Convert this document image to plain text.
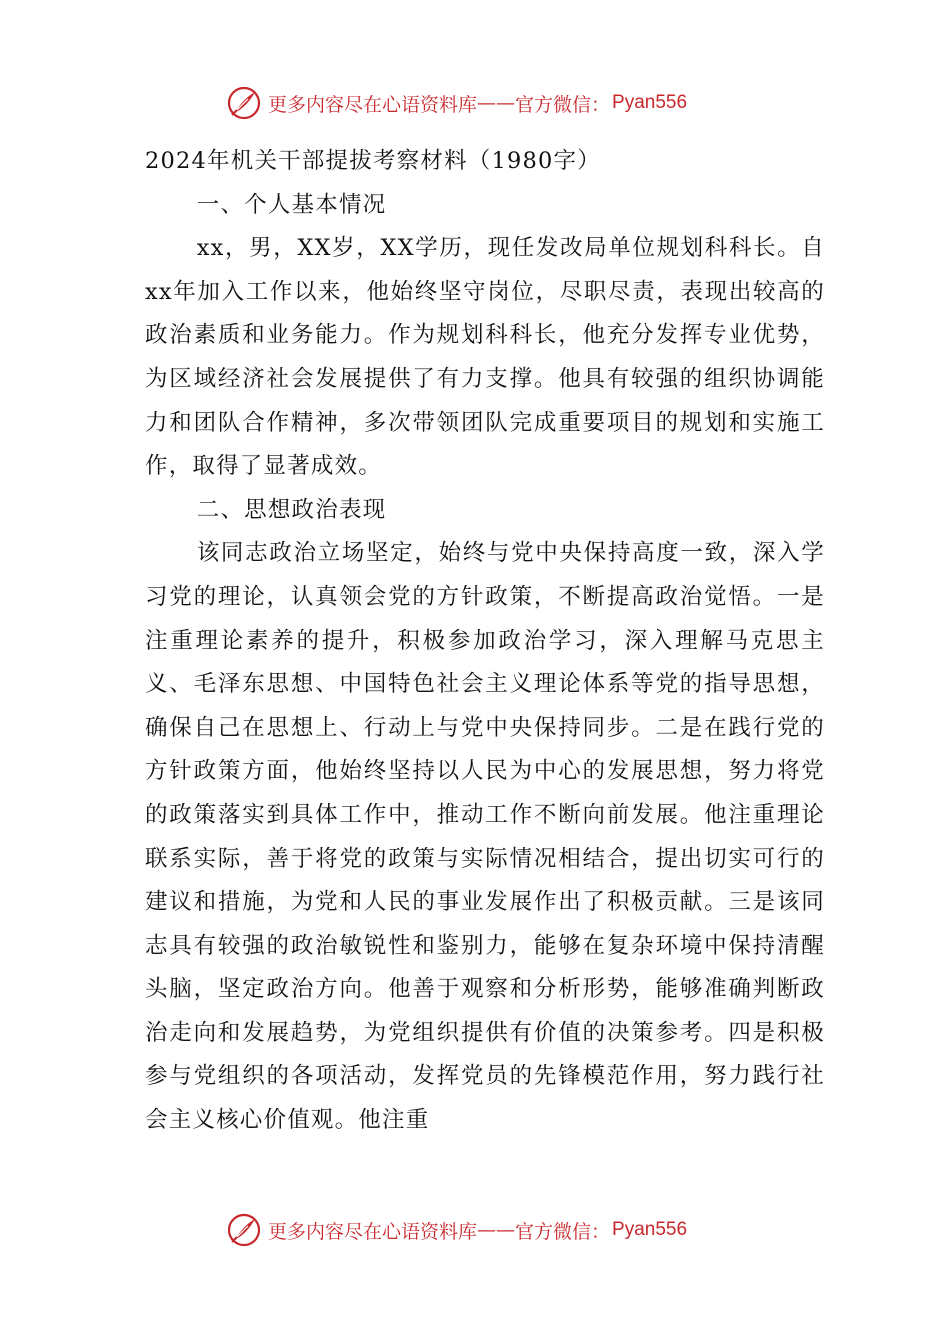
更多内容尽在心语资料库 — — 官方微信： Pyan556
2024年机关干部提拔考察材料（1980字）
一、个人基本情况

xx，男，XX岁，XX学历，现任发改局单位规划科科长。自xx年加入工作以来，他始终坚守岗位，尽职尽责，表现出较高的政治素质和业务能力。作为规划科科长，他充分发挥专业优势，为区域经济社会发展提供了有力支撑。他具有较强的组织协调能力和团队合作精神，多次带领团队完成重要项目的规划和实施工作，取得了显著成效。

二、思想政治表现

该同志政治立场坚定，始终与党中央保持高度一致，深入学习党的理论，认真领会党的方针政策，不断提高政治觉悟。一是注重理论素养的提升，积极参加政治学习，深入理解马克思主义、毛泽东思想、中国特色社会主义理论体系等党的指导思想，确保自己在思想上、行动上与党中央保持同步。二是在践行党的方针政策方面，他始终坚持以人民为中心的发展思想，努力将党的政策落实到具体工作中，推动工作不断向前发展。他注重理论联系实际，善于将党的政策与实际情况相结合，提出切实可行的建议和措施，为党和人民的事业发展作出了积极贡献。三是该同志具有较强的政治敏锐性和鉴别力，能够在复杂环境中保持清醒头脑，坚定政治方向。他善于观察和分析形势，能够准确判断政治走向和发展趋势，为党组织提供有价值的决策参考。四是积极参与党组织的各项活动，发挥党员的先锋模范作用，努力践行社会主义核心价值观。他注重

更多内容尽在心语资料库 — — 官方微信： Pyan556
